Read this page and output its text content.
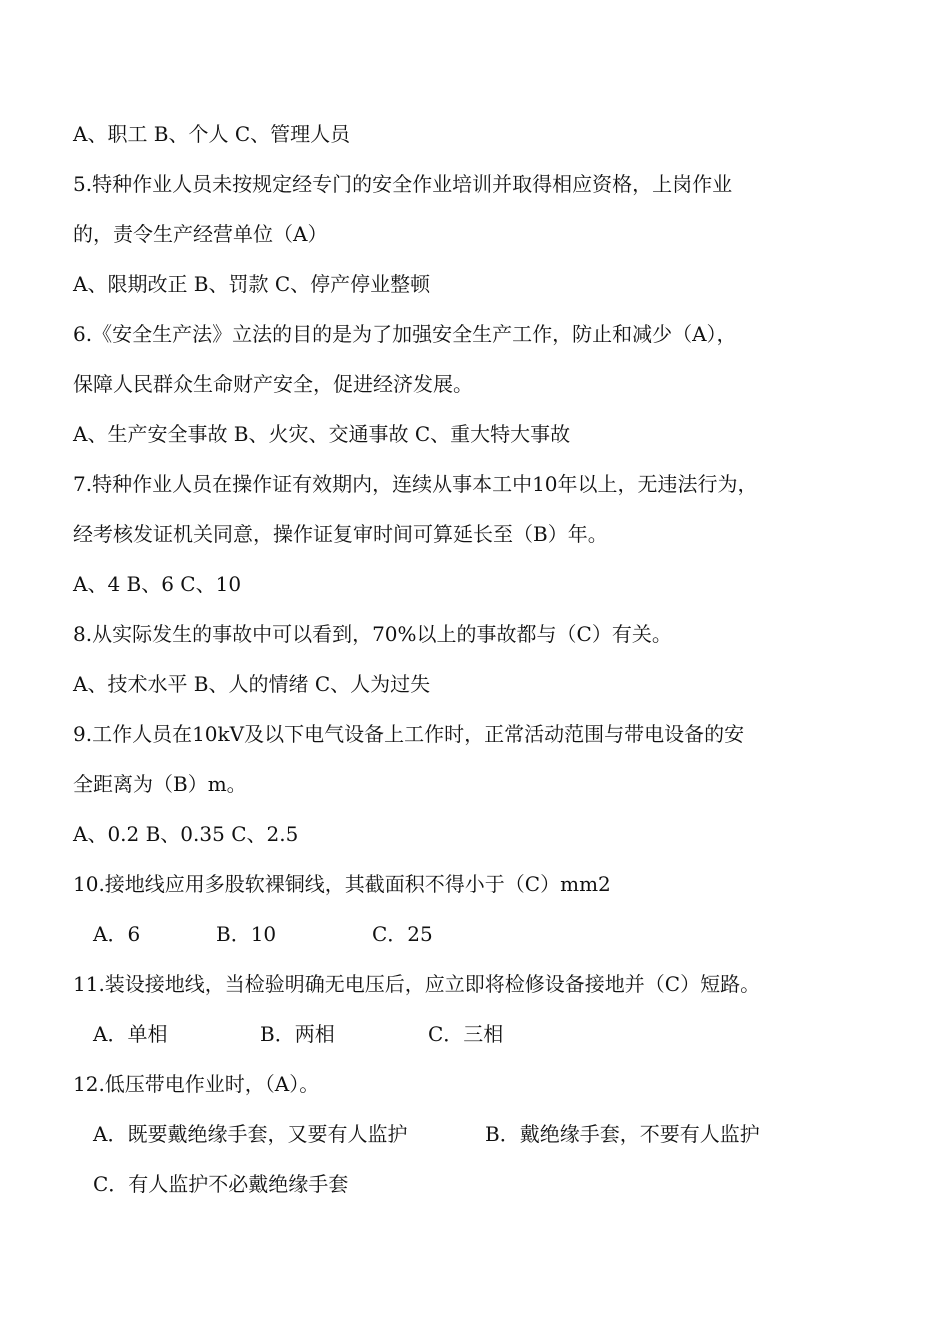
A、职工 B、个人 C、管理人员
5.特种作业人员未按规定经专门的安全作业培训并取得相应资格，上岗作业
的，责令生产经营单位（A）
A、限期改正 B、罚款 C、停产停业整顿
6.《安全生产法》立法的目的是为了加强安全生产工作，防止和减少（A），
保障人民群众生命财产安全，促进经济发展。
A、生产安全事故 B、火灾、交通事故 C、重大特大事故
7.特种作业人员在操作证有效期内，连续从事本工中10年以上，无违法行为，
经考核发证机关同意，操作证复审时间可算延长至（B）年。
A、4 B、6 C、10
8.从实际发生的事故中可以看到，70%以上的事故都与（C）有关。
A、技术水平 B、人的情绪 C、人为过失
9.工作人员在10kV及以下电气设备上工作时，正常活动范围与带电设备的安
全距离为（B）m。
A、0.2 B、0.35 C、2.5
10.接地线应用多股软裸铜线，其截面积不得小于（C）mm2
A．6	B．10	C．25
11.装设接地线，当检验明确无电压后，应立即将检修设备接地并（C）短路。
A．单相	B．两相	C．三相
12.低压带电作业时，（A）。
A．既要戴绝缘手套，又要有人监护	B．戴绝缘手套，不要有人监护
C．有人监护不必戴绝缘手套
